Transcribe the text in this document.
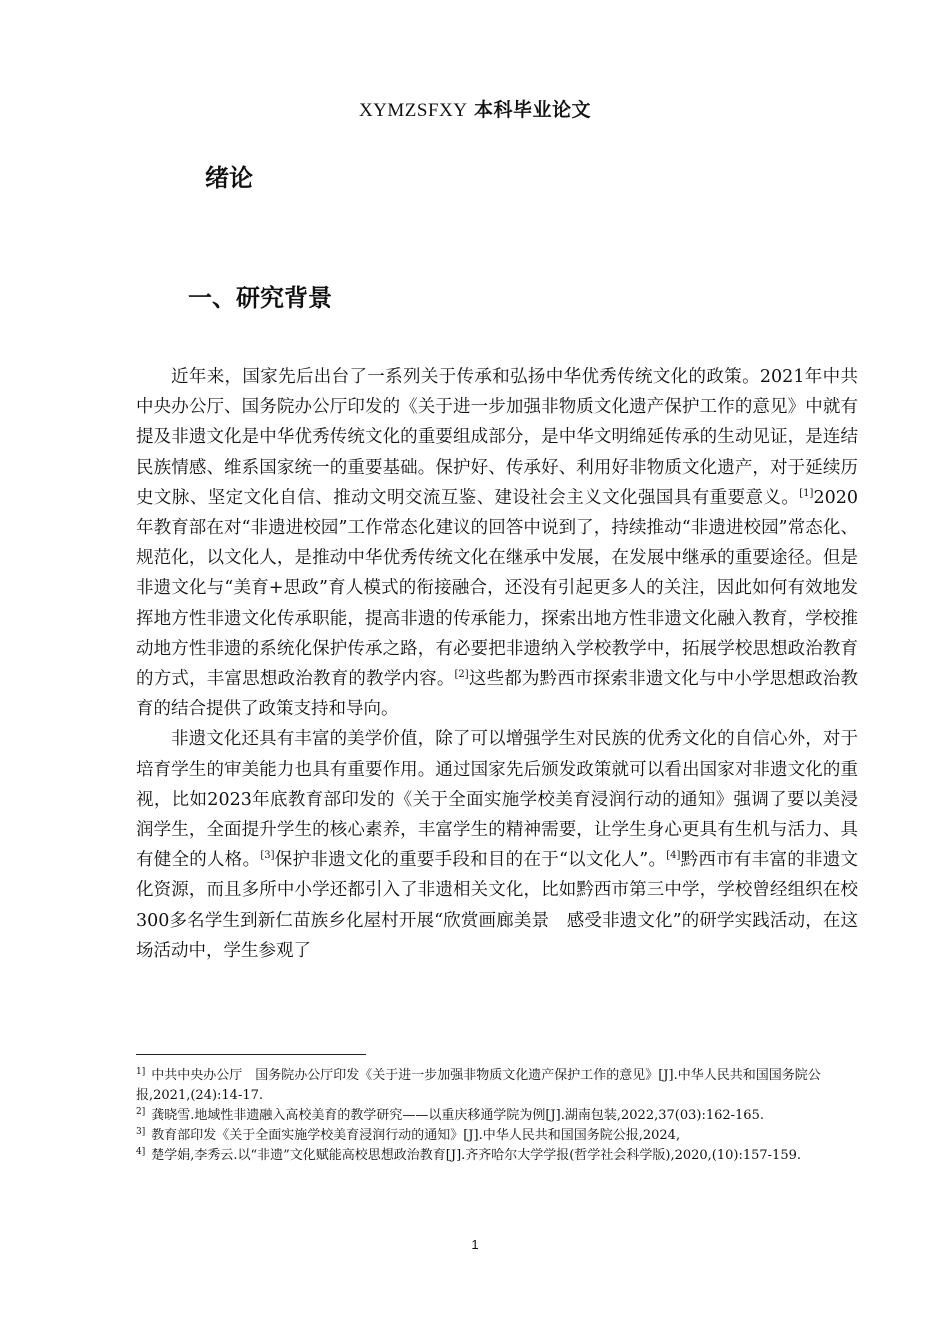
XYMZSFXY 本科毕业论文
绪论
一、研究背景

近年来，国家先后出台了一系列关于传承和弘扬中华优秀传统文化的政策。2021年中共中央办公厅、国务院办公厅印发的《关于进一步加强非物质文化遗产保护工作的意见》中就有提及非遗文化是中华优秀传统文化的重要组成部分，是中华文明绵延传承的生动见证，是连结民族情感、维系国家统一的重要基础。保护好、传承好、利用好非物质文化遗产，对于延续历史文脉、坚定文化自信、推动文明交流互鉴、建设社会主义文化强国具有重要意义。[1]2020年教育部在对“非遗进校园”工作常态化建议的回答中说到了，持续推动“非遗进校园”常态化、规范化，以文化人，是推动中华优秀传统文化在继承中发展，在发展中继承的重要途径。但是非遗文化与“美育+思政”育人模式的衔接融合，还没有引起更多人的关注，因此如何有效地发挥地方性非遗文化传承职能，提高非遗的传承能力，探索出地方性非遗文化融入教育，学校推动地方性非遗的系统化保护传承之路，有必要把非遗纳入学校教学中，拓展学校思想政治教育的方式，丰富思想政治教育的教学内容。[2]这些都为黔西市探索非遗文化与中小学思想政治教育的结合提供了政策支持和导向。

非遗文化还具有丰富的美学价值，除了可以增强学生对民族的优秀文化的自信心外，对于培育学生的审美能力也具有重要作用。通过国家先后颁发政策就可以看出国家对非遗文化的重视，比如2023年底教育部印发的《关于全面实施学校美育浸润行动的通知》强调了要以美浸润学生，全面提升学生的核心素养，丰富学生的精神需要，让学生身心更具有生机与活力、具有健全的人格。[3]保护非遗文化的重要手段和目的在于“以文化人”。[4]黔西市有丰富的非遗文化资源，而且多所中小学还都引入了非遗相关文化，比如黔西市第三中学，学校曾经组织在校300多名学生到新仁苗族乡化屋村开展“欣赏画廊美景　感受非遗文化”的研学实践活动，在这场活动中，学生参观了

$^{1]}$ 中共中央办公厅　国务院办公厅印发《关于进一步加强非物质文化遗产保护工作的意见》[J].中华人民共和国国务院公报,2021,(24):14-17.

$^{2]}$ 龚晓雪.地域性非遗融入高校美育的教学研究——以重庆移通学院为例[J].湖南包装,2022,37(03):162-165.

$^{3]}$ 教育部印发《关于全面实施学校美育浸润行动的通知》[J].中华人民共和国国务院公报,2024,

$^{4]}$ 楚学娟,李秀云.以“非遗”文化赋能高校思想政治教育[J].齐齐哈尔大学学报(哲学社会科学版),2020,(10):157-159.

1
